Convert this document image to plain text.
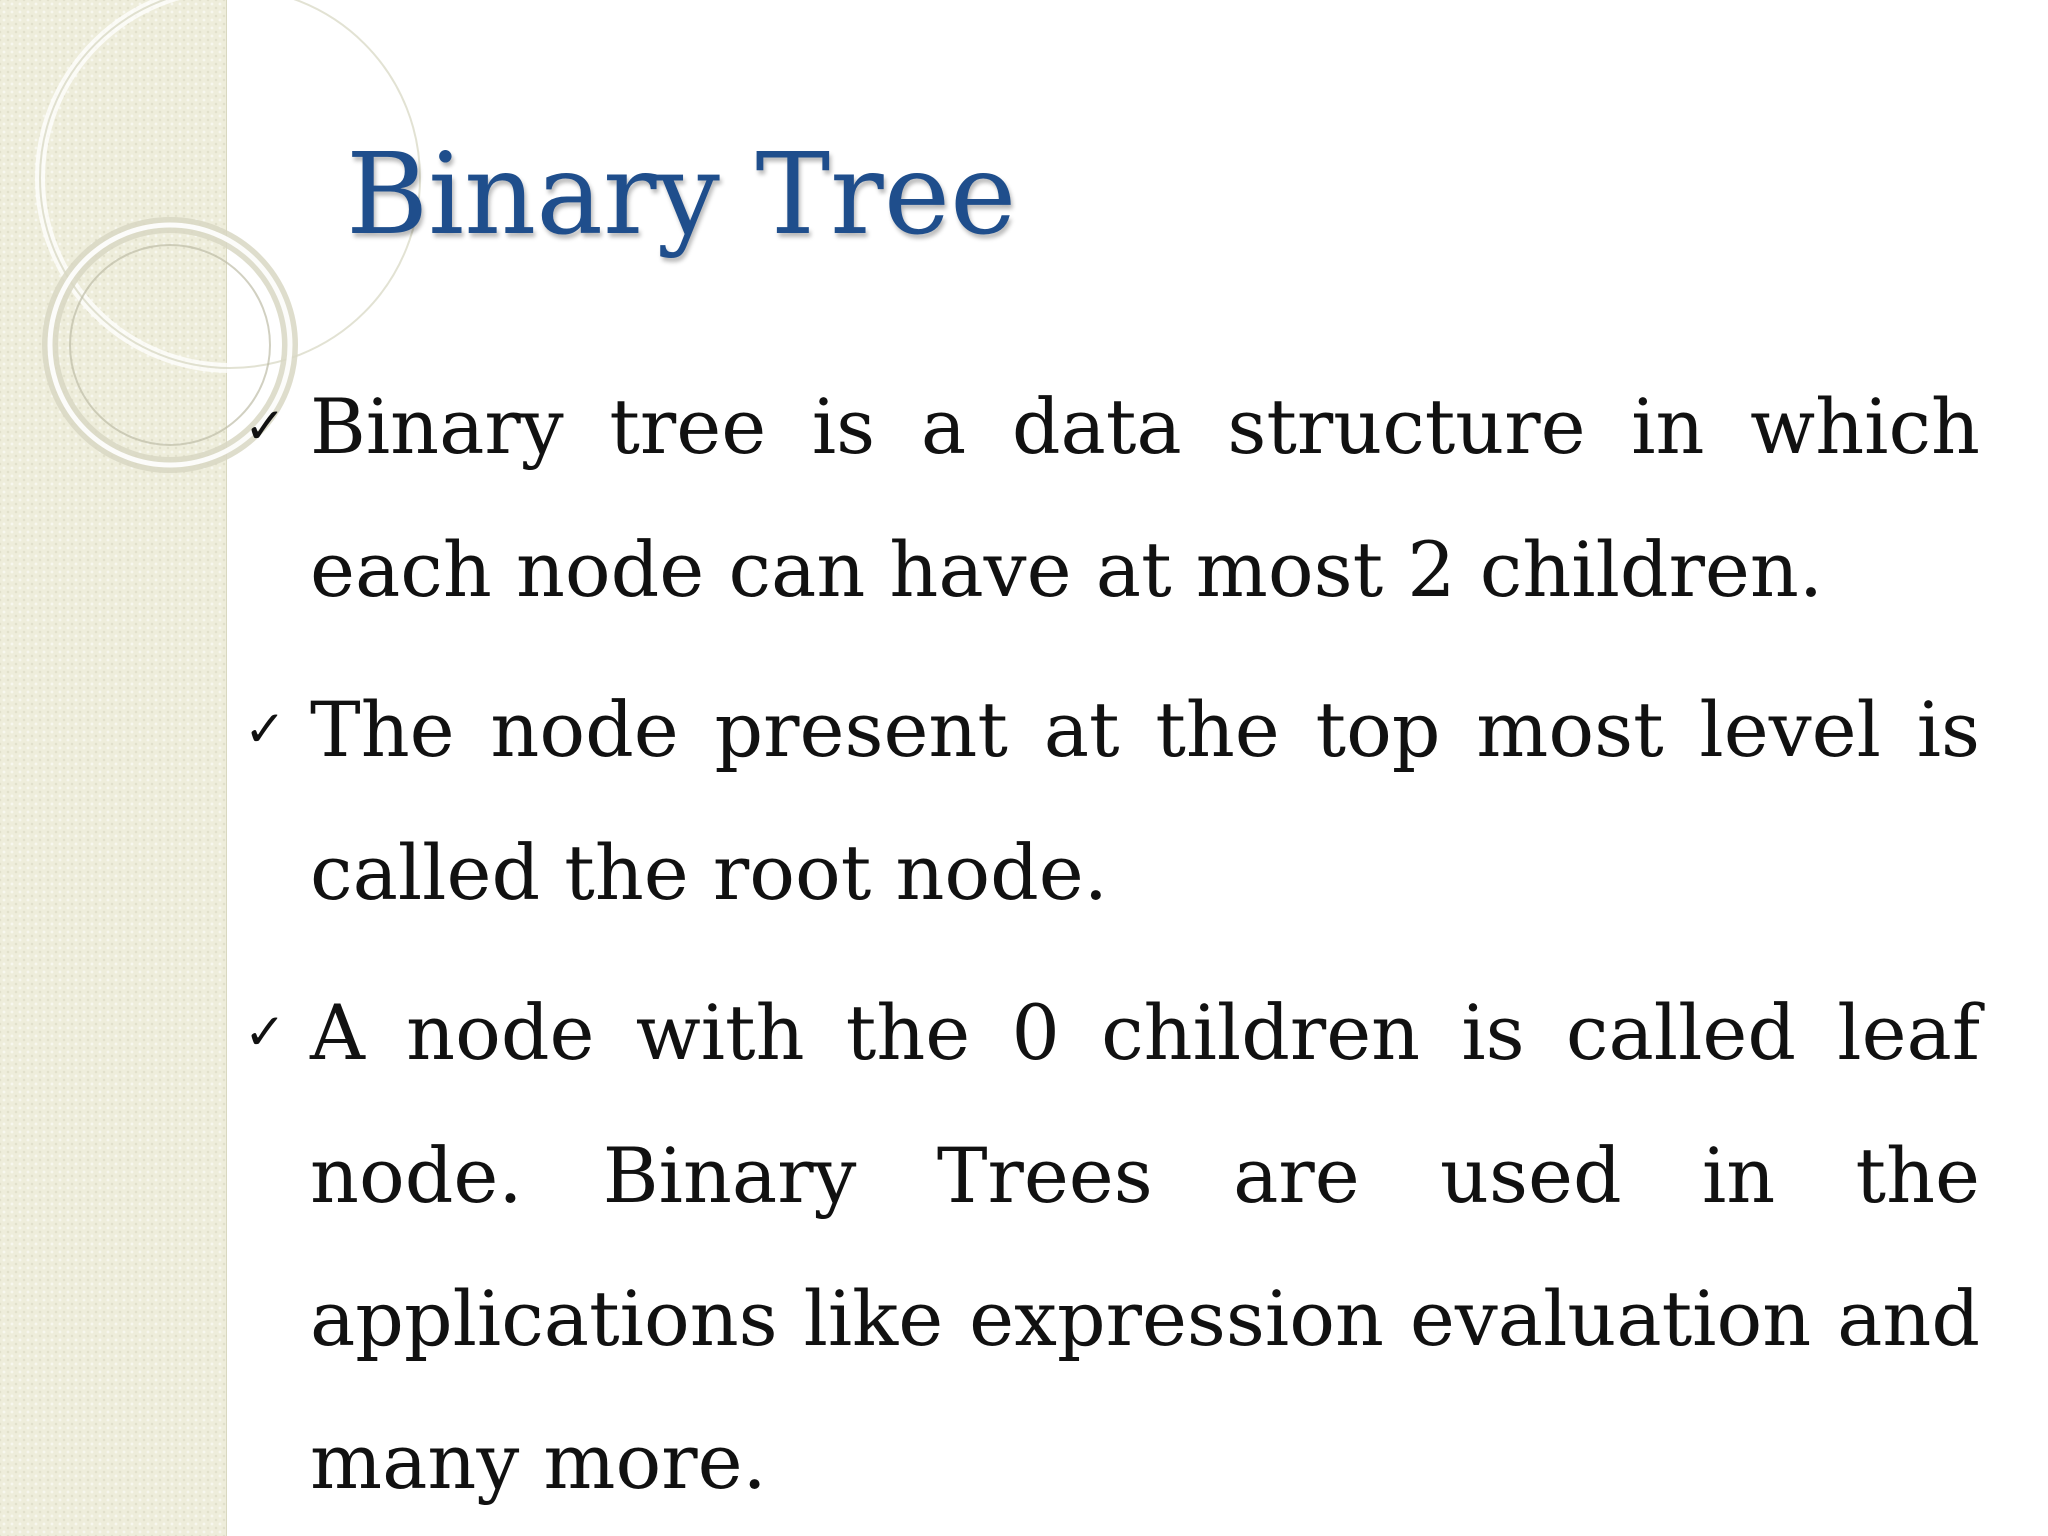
Binary Tree
✓ Binary tree is a data structure in which each node can have at most 2 children.
✓ The node present at the top most level is called the root node.
✓ A node with the 0 children is called leaf node. Binary Trees are used in the applications like expression evaluation and many more.
